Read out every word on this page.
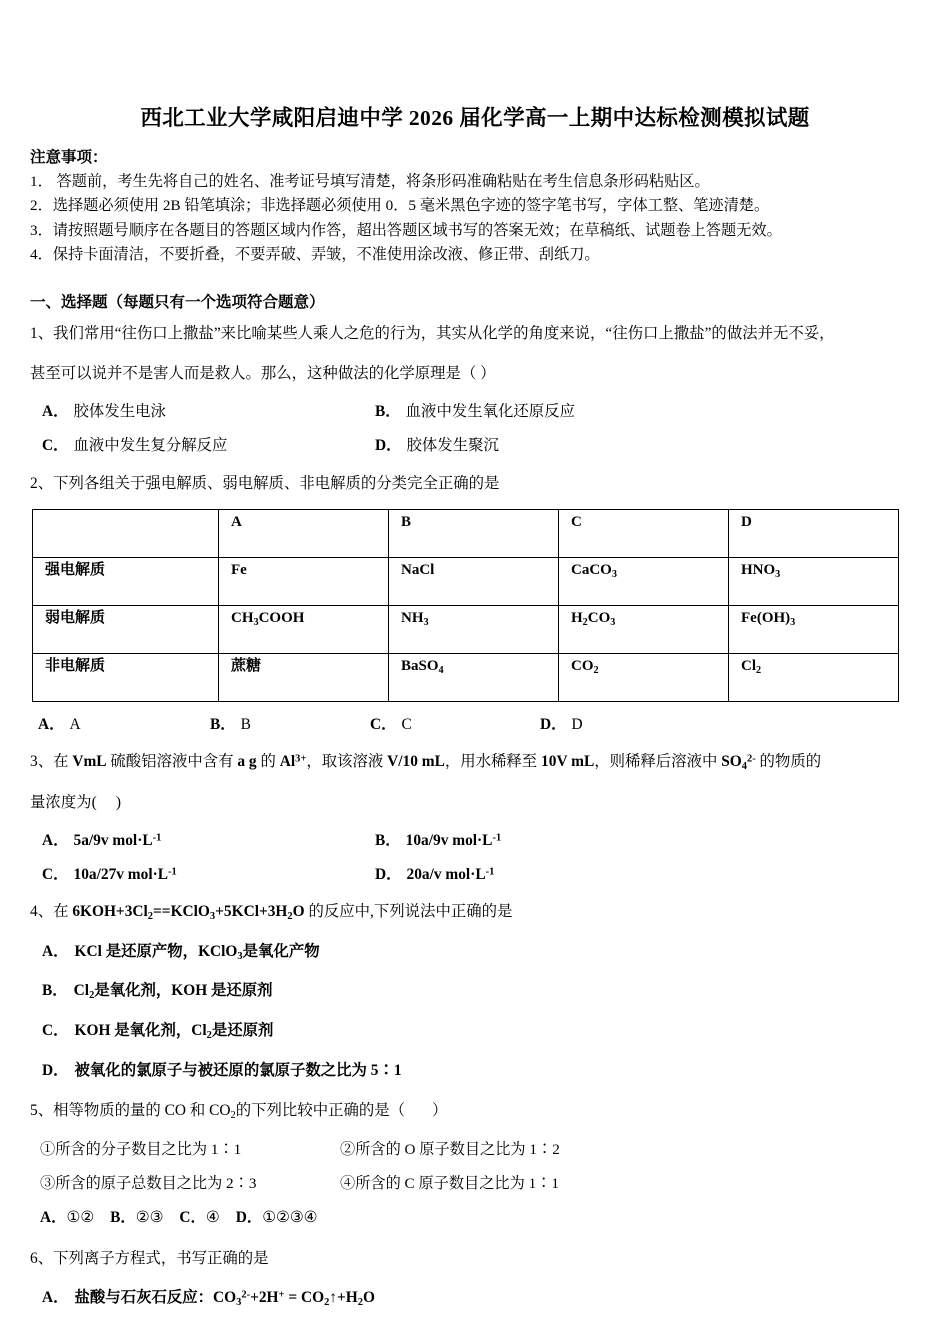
西北工业大学咸阳启迪中学 2026 届化学高一上期中达标检测模拟试题
注意事项：
1． 答题前，考生先将自己的姓名、准考证号填写清楚，将条形码准确粘贴在考生信息条形码粘贴区。
2．选择题必须使用 2B 铅笔填涂；非选择题必须使用 0．5 毫米黑色字迹的签字笔书写，字体工整、笔迹清楚。
3．请按照题号顺序在各题目的答题区域内作答，超出答题区域书写的答案无效；在草稿纸、试题卷上答题无效。
4．保持卡面清洁，不要折叠，不要弄破、弄皱，不准使用涂改液、修正带、刮纸刀。
一、选择题（每题只有一个选项符合题意）
1、我们常用“往伤口上撒盐”来比喻某些人乘人之危的行为，其实从化学的角度来说，“往伤口上撒盐”的做法并无不妥，
甚至可以说并不是害人而是救人。那么，这种做法的化学原理是（ ）
A． 胶体发生电泳	B． 血液中发生氧化还原反应
C． 血液中发生复分解反应	D． 胶体发生聚沉
2、下列各组关于强电解质、弱电解质、非电解质的分类完全正确的是
	A	B	C	D
强电解质	Fe	NaCl	CaCO$_3$	$HNO_3$
弱电解质	$CH_3COOH$	$NH_3$	$H_2CO_3$	$Fe(OH)_3$
非电解质	蔗糖	BaSO$_4$	$CO_2$	$Cl_2$
A． A	B． B	C． C	D． D
3、在 VmL 硫酸铝溶液中含有 a g 的 $Al^{3+}$，取该溶液 V/10 mL，用水稀释至 10V mL，则稀释后溶液中 $SO_4^{2-}$ 的物质的
量浓度为(     )
A． 5a/9v $mol\cdot L^{-1}$	B． 10a/9v $mol\cdot L^{-1}$
C． 10a/27v $mol\cdot L^{-1}$	D． 20a/v $mol\cdot L^{-1}$
4、在 $6KOH+3Cl_2==KClO_3+5KCl+3H_2O$ 的反应中,下列说法中正确的是
A． KCl 是还原产物，KClO$_3$是氧化产物
B． $Cl_2$是氧化剂，KOH 是还原剂
C． KOH 是氧化剂，$Cl_2$是还原剂
D． 被氧化的氯原子与被还原的氯原子数之比为 5∶1
5、相等物质的量的 CO 和 $CO_2$的下列比较中正确的是（       ）
①所含的分子数目之比为 1∶1	②所含的 O 原子数目之比为 1∶2
③所含的原子总数目之比为 2∶3	④所含的 C 原子数目之比为 1∶1
A．①② B．②③ C．④ D．①②③④
6、下列离子方程式，书写正确的是
A． 盐酸与石灰石反应：$CO_3^{2-}+2H^+$ = $CO_2↑+H_2O$
